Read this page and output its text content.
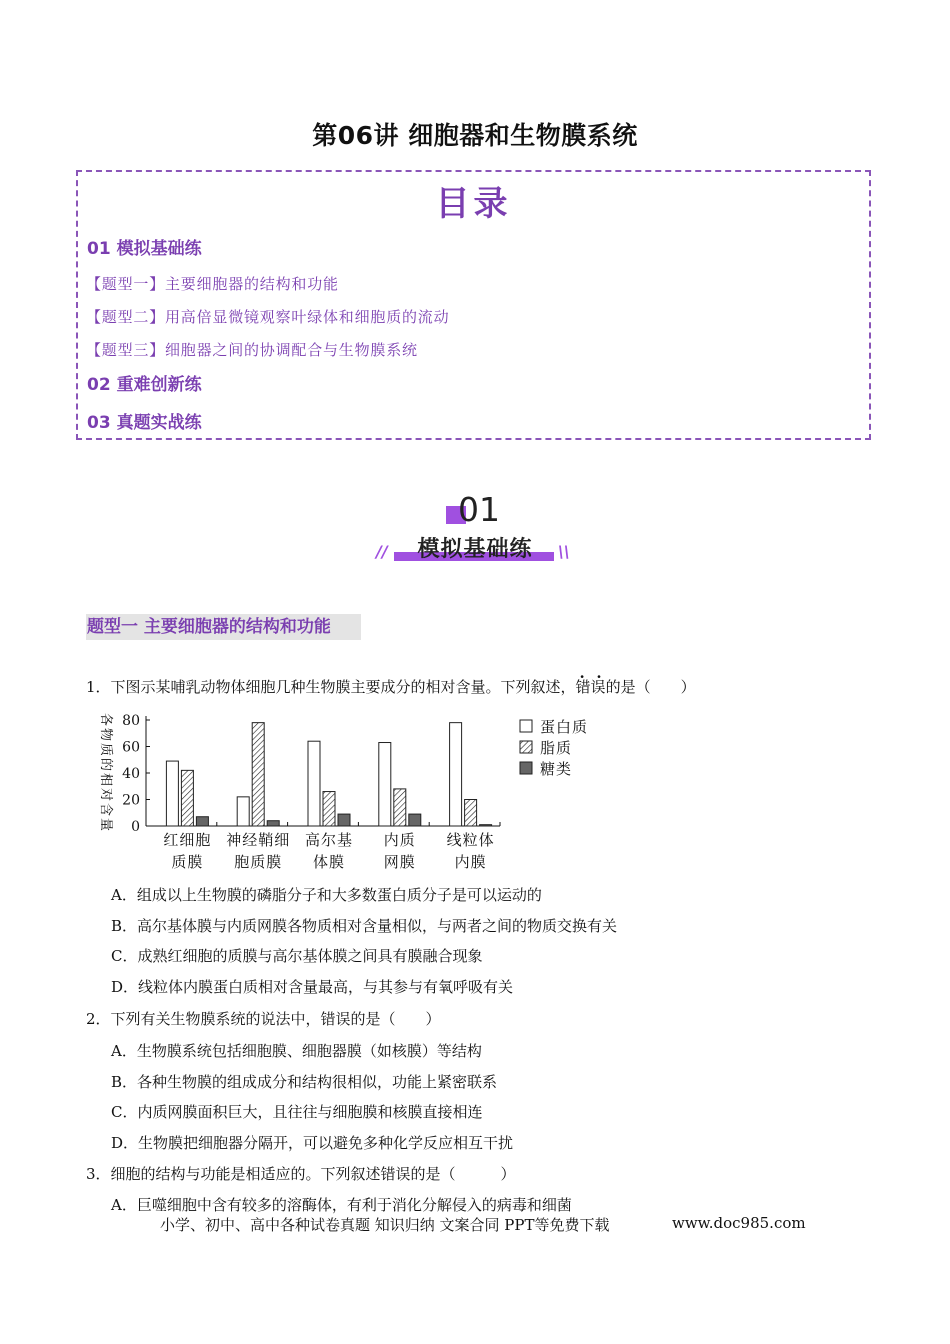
第06讲 细胞器和生物膜系统
目录
01 模拟基础练
【题型一】主要细胞器的结构和功能
【题型二】用高倍显微镜观察叶绿体和细胞质的流动
【题型三】细胞器之间的协调配合与生物膜系统
02 重难创新练
03 真题实战练
01
模拟基础练
//	\\
题型一 主要细胞器的结构和功能
1．下图示某哺乳动物体细胞几种生物膜主要成分的相对含量。下列叙述，错误的是（　　）
各物质的相对含量 0
20
40
60
80
红细胞
质膜
神经鞘细
胞质膜
高尔基
体膜
内质
网膜
线粒体
内膜
蛋白质
脂质
糖类
A．组成以上生物膜的磷脂分子和大多数蛋白质分子是可以运动的
B．高尔基体膜与内质网膜各物质相对含量相似，与两者之间的物质交换有关
C．成熟红细胞的质膜与高尔基体膜之间具有膜融合现象
D．线粒体内膜蛋白质相对含量最高，与其参与有氧呼吸有关
2．下列有关生物膜系统的说法中，错误的是（　　）
A．生物膜系统包括细胞膜、细胞器膜（如核膜）等结构
B．各种生物膜的组成成分和结构很相似，功能上紧密联系
C．内质网膜面积巨大，且往往与细胞膜和核膜直接相连
D．生物膜把细胞器分隔开，可以避免多种化学反应相互干扰
3．细胞的结构与功能是相适应的。下列叙述错误的是（　　　）
A．巨噬细胞中含有较多的溶酶体，有利于消化分解侵入的病毒和细菌
小学、初中、高中各种试卷真题 知识归纳 文案合同 PPT等免费下载	www.doc985.com
